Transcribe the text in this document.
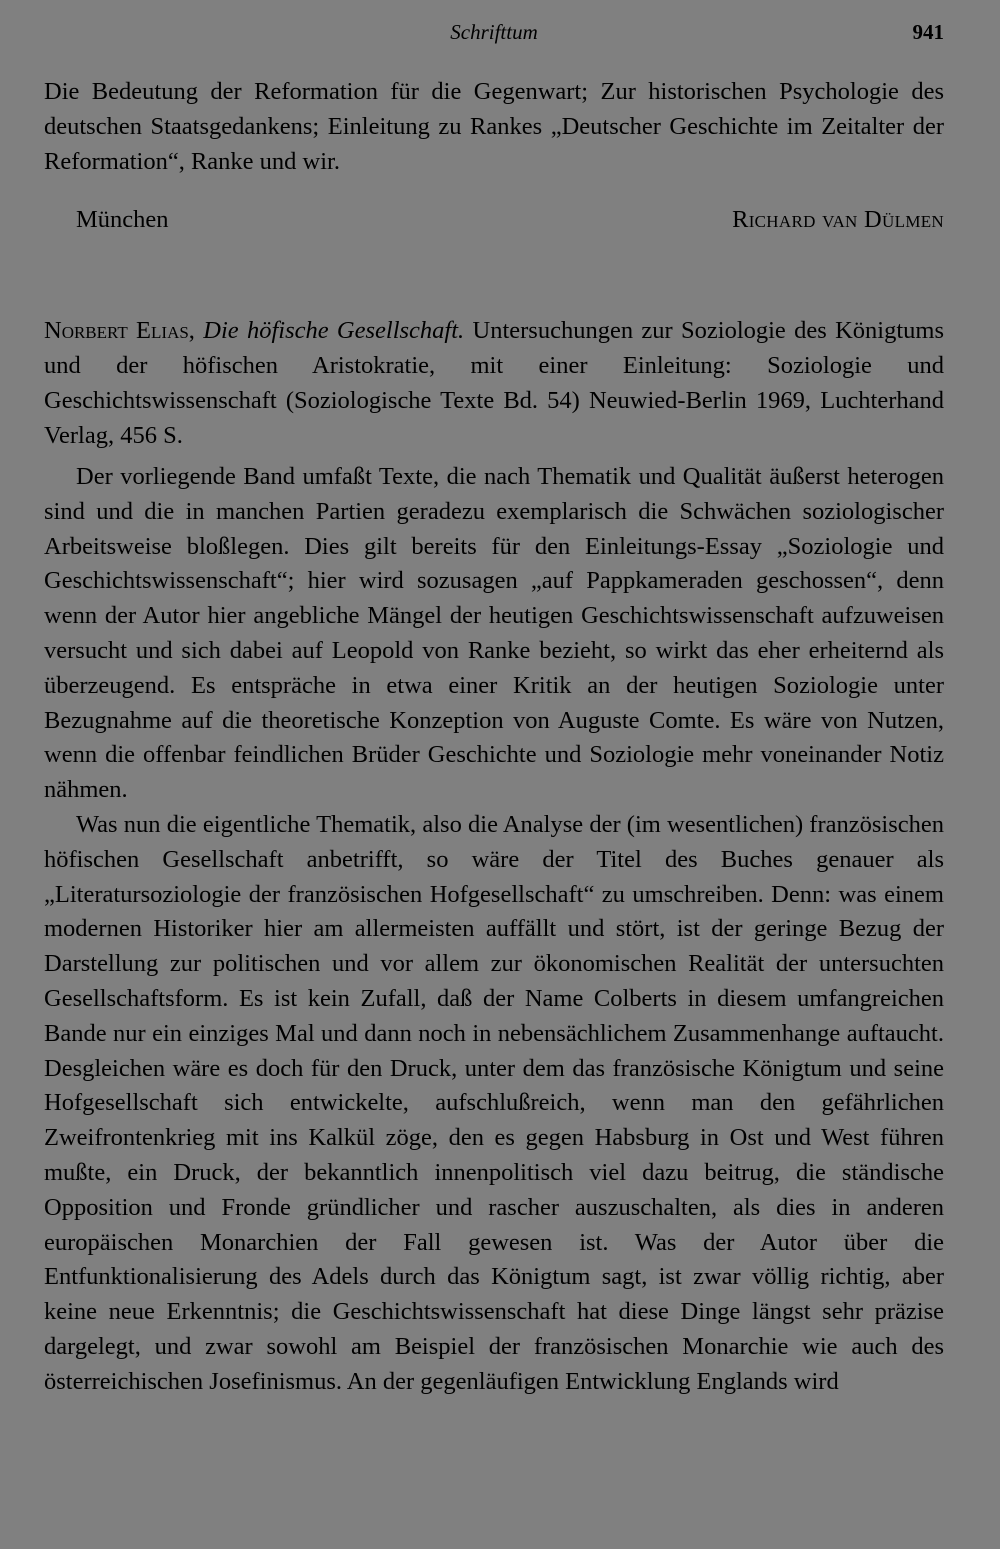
Schrifttum	941
Die Bedeutung der Reformation für die Gegenwart; Zur historischen Psychologie des deutschen Staatsgedankens; Einleitung zu Rankes „Deutscher Geschichte im Zeitalter der Reformation“, Ranke und wir.
München	Richard van Dülmen
Norbert Elias, Die höfische Gesellschaft. Untersuchungen zur Soziologie des Königtums und der höfischen Aristokratie, mit einer Einleitung: Soziologie und Geschichtswissenschaft (Soziologische Texte Bd. 54) Neuwied-Berlin 1969, Luchterhand Verlag, 456 S.

Der vorliegende Band umfaßt Texte, die nach Thematik und Qualität äußerst heterogen sind und die in manchen Partien geradezu exemplarisch die Schwächen soziologischer Arbeitsweise bloßlegen. Dies gilt bereits für den Einleitungs-Essay „Soziologie und Geschichtswissenschaft“; hier wird sozusagen „auf Pappkameraden geschossen“, denn wenn der Autor hier angebliche Mängel der heutigen Geschichtswissenschaft aufzuweisen versucht und sich dabei auf Leopold von Ranke bezieht, so wirkt das eher erheiternd als überzeugend. Es entspräche in etwa einer Kritik an der heutigen Soziologie unter Bezugnahme auf die theoretische Konzeption von Auguste Comte. Es wäre von Nutzen, wenn die offenbar feindlichen Brüder Geschichte und Soziologie mehr voneinander Notiz nähmen.

Was nun die eigentliche Thematik, also die Analyse der (im wesentlichen) französischen höfischen Gesellschaft anbetrifft, so wäre der Titel des Buches genauer als „Literatursoziologie der französischen Hofgesellschaft“ zu umschreiben. Denn: was einem modernen Historiker hier am allermeisten auffällt und stört, ist der geringe Bezug der Darstellung zur politischen und vor allem zur ökonomischen Realität der untersuchten Gesellschaftsform. Es ist kein Zufall, daß der Name Colberts in diesem umfangreichen Bande nur ein einziges Mal und dann noch in nebensächlichem Zusammenhange auftaucht. Desgleichen wäre es doch für den Druck, unter dem das französische Königtum und seine Hofgesellschaft sich entwickelte, aufschlußreich, wenn man den gefährlichen Zweifrontenkrieg mit ins Kalkül zöge, den es gegen Habsburg in Ost und West führen mußte, ein Druck, der bekanntlich innenpolitisch viel dazu beitrug, die ständische Opposition und Fronde gründlicher und rascher auszuschalten, als dies in anderen europäischen Monarchien der Fall gewesen ist. Was der Autor über die Entfunktionalisierung des Adels durch das Königtum sagt, ist zwar völlig richtig, aber keine neue Erkenntnis; die Geschichtswissenschaft hat diese Dinge längst sehr präzise dargelegt, und zwar sowohl am Beispiel der französischen Monarchie wie auch des österreichischen Josefinismus. An der gegenläufigen Entwicklung Englands wird
